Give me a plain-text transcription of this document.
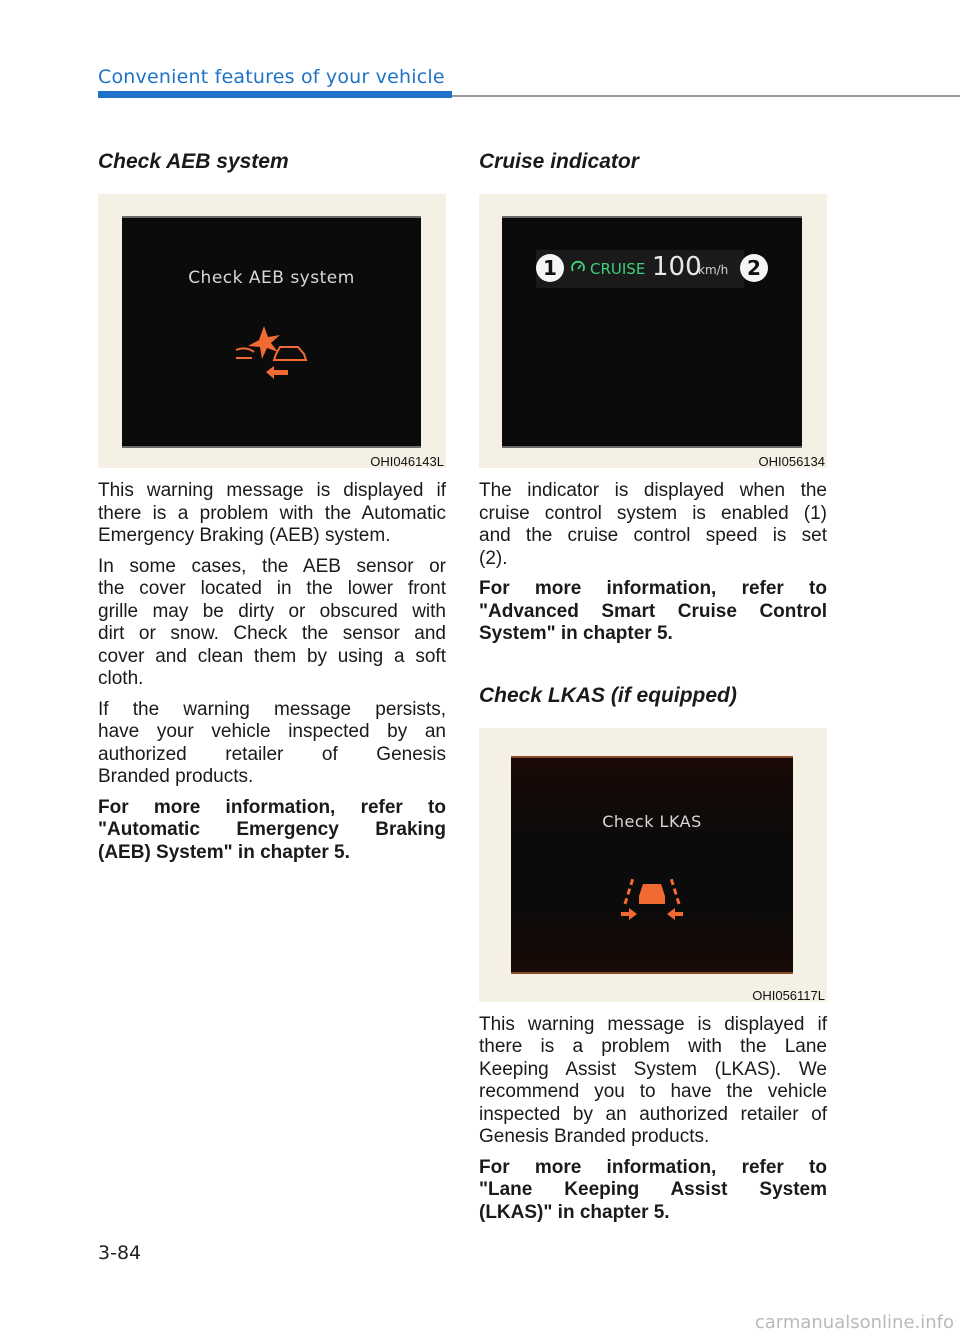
Convenient features of your vehicle
Check AEB system
Check AEB system
OHI046143L
This warning message is displayed if
there is a problem with the Automatic
Emergency Braking (AEB) system.
In some cases, the AEB sensor or
the cover located in the lower front
grille may be dirty or obscured with
dirt or snow. Check the sensor and
cover and clean them by using a soft
cloth.
If the warning message persists,
have your vehicle inspected by an
authorized retailer of Genesis
Branded products.
For more information, refer to
"Automatic Emergency Braking
(AEB) System" in chapter 5.
Cruise indicator
1	CRUISE 100
km/h 2
OHI056134
The indicator is displayed when the
cruise control system is enabled (1)
and the cruise control speed is set
(2).
For more information, refer to
"Advanced Smart Cruise Control
System" in chapter 5.
Check LKAS (if equipped)
Check LKAS
OHI056117L
This warning message is displayed if
there is a problem with the Lane
Keeping Assist System (LKAS). We
recommend you to have the vehicle
inspected by an authorized retailer of
Genesis Branded products.
For more information, refer to
"Lane Keeping Assist System
(LKAS)" in chapter 5.
3-84
carmanualsonline.info
